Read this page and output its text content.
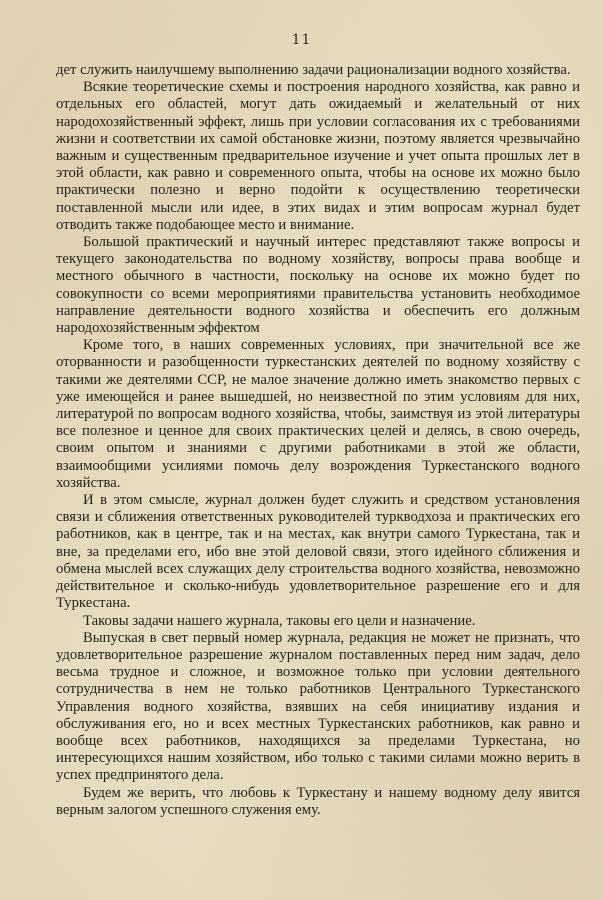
11

дет служить наилучшему выполнению задачи рационализации водного хозяйства.

Всякие теоретические схемы и построения народного хозяйства, как равно и отдельных его областей, могут дать ожидаемый и желательный от них народохозяйственный эффект, лишь при условии согласования их с требованиями жизни и соответствии их самой обстановке жизни, поэтому является чрезвычайно важным и существенным предварительное изучение и учет опыта прошлых лет в этой области, как равно и современного опыта, чтобы на основе их можно было практически полезно и верно подойти к осуществлению теоретически поставленной мысли или идее, в этих видах и этим вопросам журнал будет отводить также подобающее место и внимание.

Большой практический и научный интерес представляют также вопросы и текущего законодательства по водному хозяйству, вопросы права вообще и местного обычного в частности, поскольку на основе их можно будет по совокупности со всеми мероприятиями правительства установить необходимое направление деятельности водного хозяйства и обеспечить его должным народохозяйственным эффектом

Кроме того, в наших современных условиях, при значительной все же оторванности и разобщенности туркестанских деятелей по водному хозяйству с такими же деятелями ССР, не малое значение должно иметь знакомство первых с уже имеющейся и ранее вышедшей, но неизвестной по этим условиям для них, литературой по вопросам водного хозяйства, чтобы, заимствуя из этой литературы все полезное и ценное для своих практических целей и делясь, в свою очередь, своим опытом и знаниями с другими работниками в этой же области, взаимообщими усилиями помочь делу возрождения Туркестанского водного хозяйства.

И в этом смысле, журнал должен будет служить и средством установления связи и сближения ответственных руководителей туркводхоза и практических его работников, как в центре, так и на местах, как внутри самого Туркестана, так и вне, за пределами его, ибо вне этой деловой связи, этого идейного сближения и обмена мыслей всех служащих делу строительства водного хозяйства, невозможно действительное и сколько-нибудь удовлетворительное разрешение его и для Туркестана.

Таковы задачи нашего журнала, таковы его цели и назначение.

Выпуская в свет первый номер журнала, редакция не может не признать, что удовлетворительное разрешение журналом поставленных перед ним задач, дело весьма трудное и сложное, и возможное только при условии деятельного сотрудничества в нем не только работников Центрального Туркестанского Управления водного хозяйства, взявших на себя инициативу издания и обслуживания его, но и всех местных Туркестанских работников, как равно и вообще всех работников, находящихся за пределами Туркестана, но интересующихся нашим хозяйством, ибо только с такими силами можно верить в успех предпринятого дела.

Будем же верить, что любовь к Туркестану и нашему водному делу явится верным залогом успешного служения ему.
